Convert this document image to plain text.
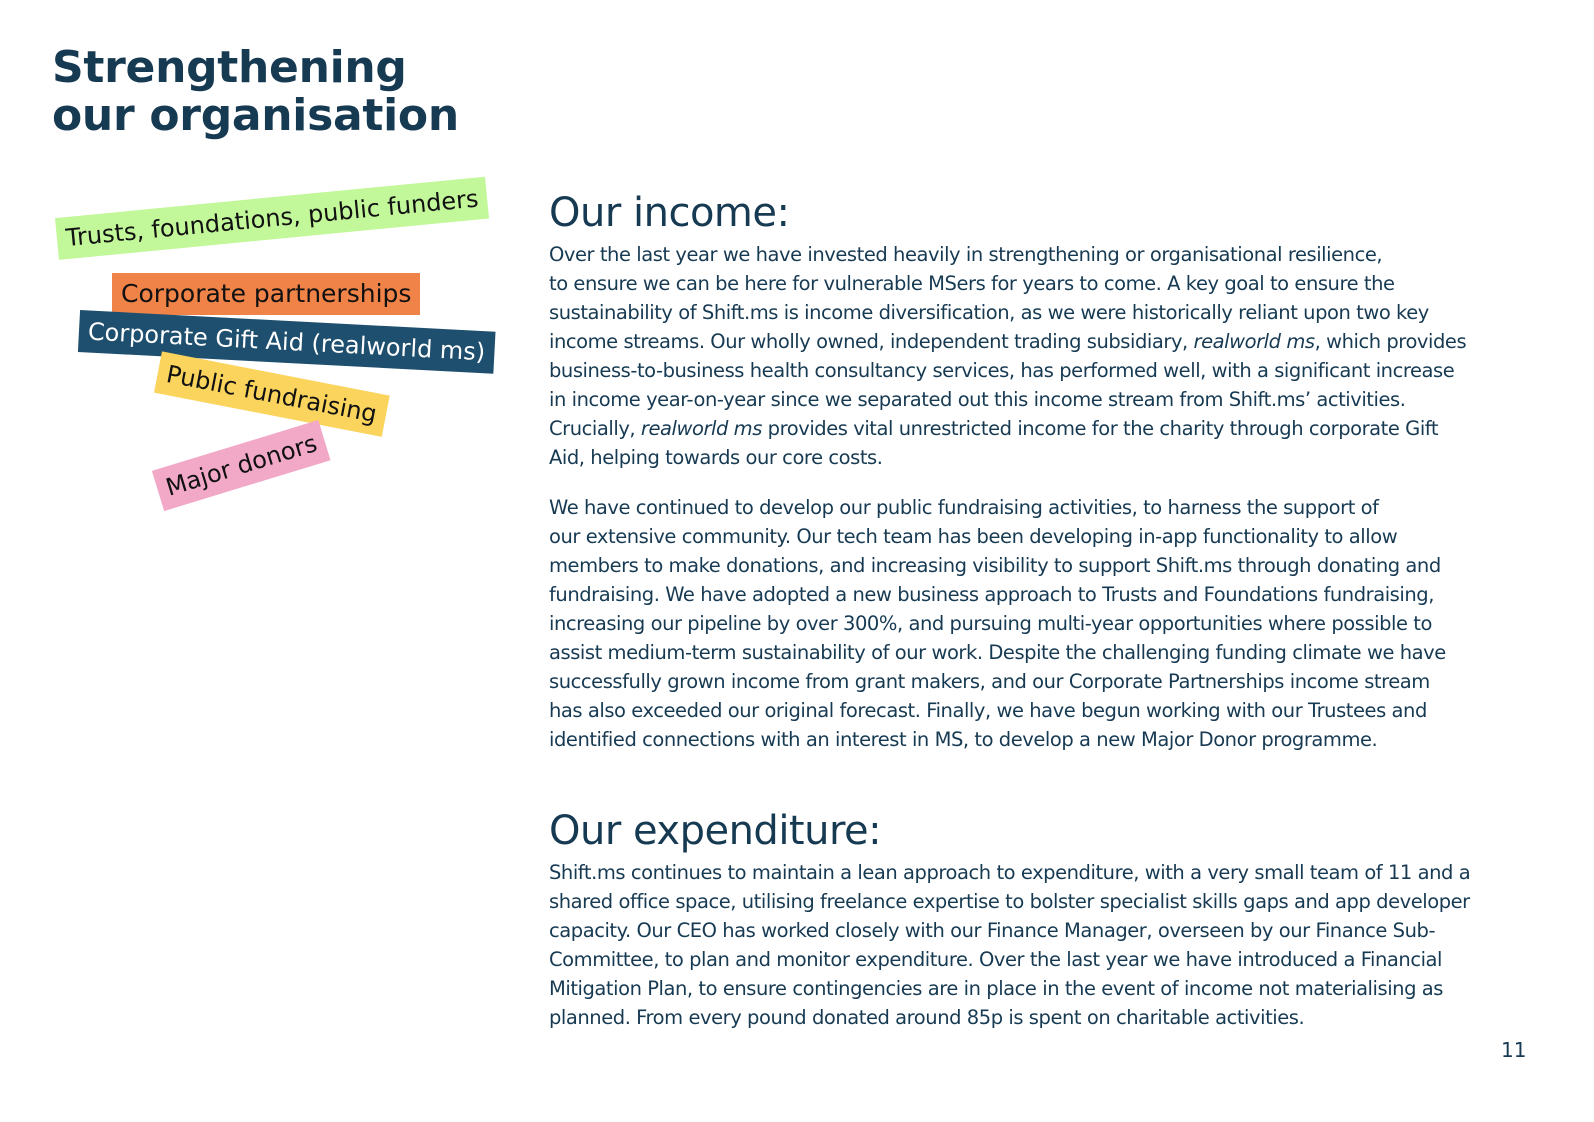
Strengthening
our organisation
Trusts, foundations, public funders
Corporate partnerships
Corporate Gift Aid (realworld ms)
Public fundraising
Major donors
Our income:

Over the last year we have invested heavily in strengthening or organisational resilience,
to ensure we can be here for vulnerable MSers for years to come. A key goal to ensure the
sustainability of Shift.ms is income diversification, as we were historically reliant upon two key
income streams. Our wholly owned, independent trading subsidiary, realworld ms, which provides
business-to-business health consultancy services, has performed well, with a significant increase
in income year-on-year since we separated out this income stream from Shift.ms’ activities.
Crucially, realworld ms provides vital unrestricted income for the charity through corporate Gift
Aid, helping towards our core costs.

We have continued to develop our public fundraising activities, to harness the support of
our extensive community. Our tech team has been developing in-app functionality to allow
members to make donations, and increasing visibility to support Shift.ms through donating and
fundraising. We have adopted a new business approach to Trusts and Foundations fundraising,
increasing our pipeline by over 300%, and pursuing multi-year opportunities where possible to
assist medium-term sustainability of our work. Despite the challenging funding climate we have
successfully grown income from grant makers, and our Corporate Partnerships income stream
has also exceeded our original forecast. Finally, we have begun working with our Trustees and
identified connections with an interest in MS, to develop a new Major Donor programme.

Our expenditure:

Shift.ms continues to maintain a lean approach to expenditure, with a very small team of 11 and a
shared office space, utilising freelance expertise to bolster specialist skills gaps and app developer
capacity. Our CEO has worked closely with our Finance Manager, overseen by our Finance Sub-
Committee, to plan and monitor expenditure. Over the last year we have introduced a Financial
Mitigation Plan, to ensure contingencies are in place in the event of income not materialising as
planned. From every pound donated around 85p is spent on charitable activities.

11
